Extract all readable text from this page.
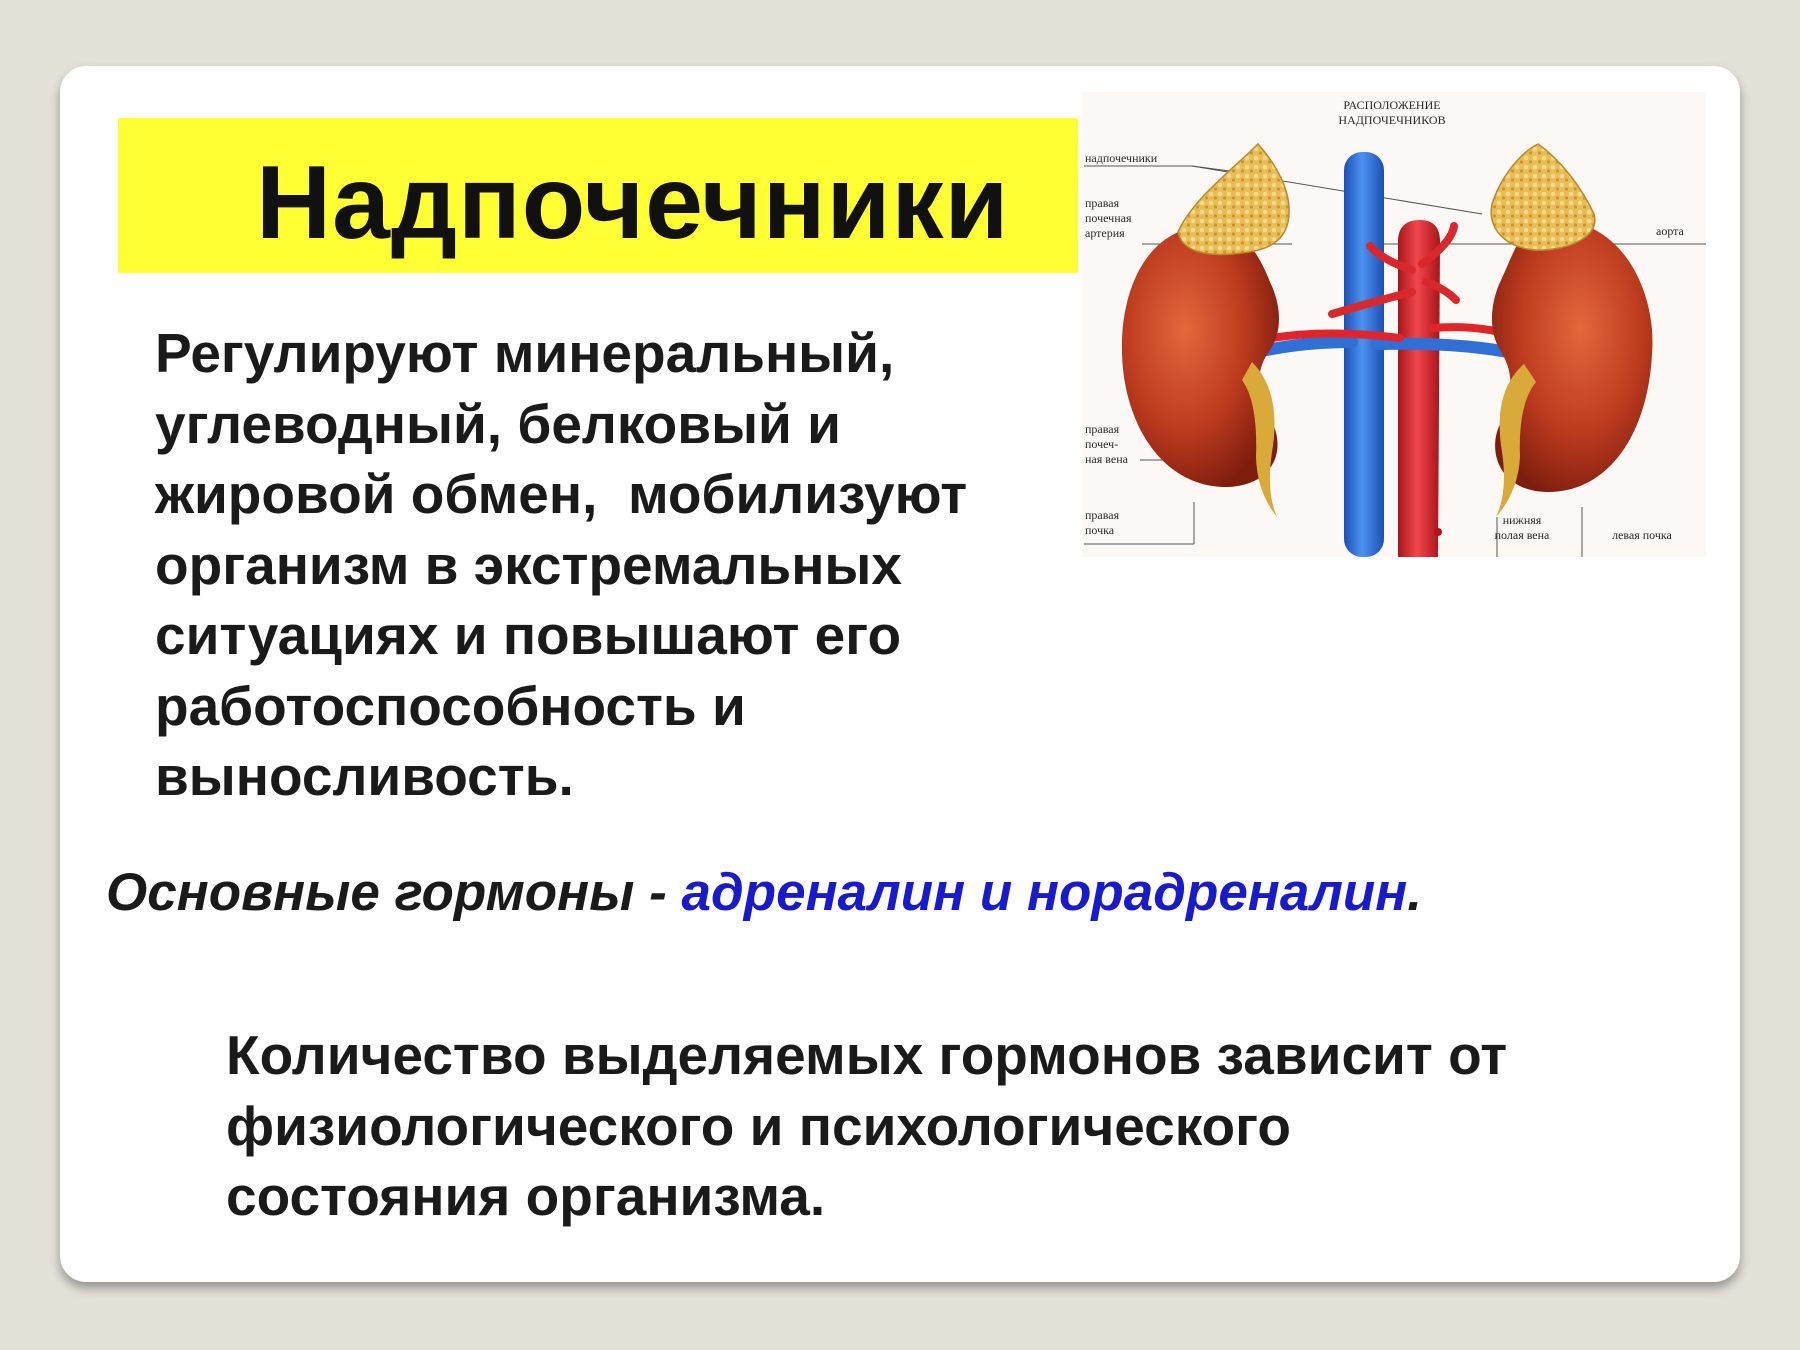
Надпочечники
РАСПОЛОЖЕНИЕ
НАДПОЧЕЧНИКОВ
надпочечники
правая
почечная
артерия	аорта
правая
почеч-
ная вена
правая
почка
нижняя
полая вена	левая почка
Регулируют минеральный,
углеводный, белковый и
жировой обмен,  мобилизуют
организм в экстремальных
ситуациях и повышают его
работоспособность и
выносливость.
Основные гормоны - адреналин и норадреналин.
Количество выделяемых гормонов зависит от
физиологического и психологического
состояния организма.
